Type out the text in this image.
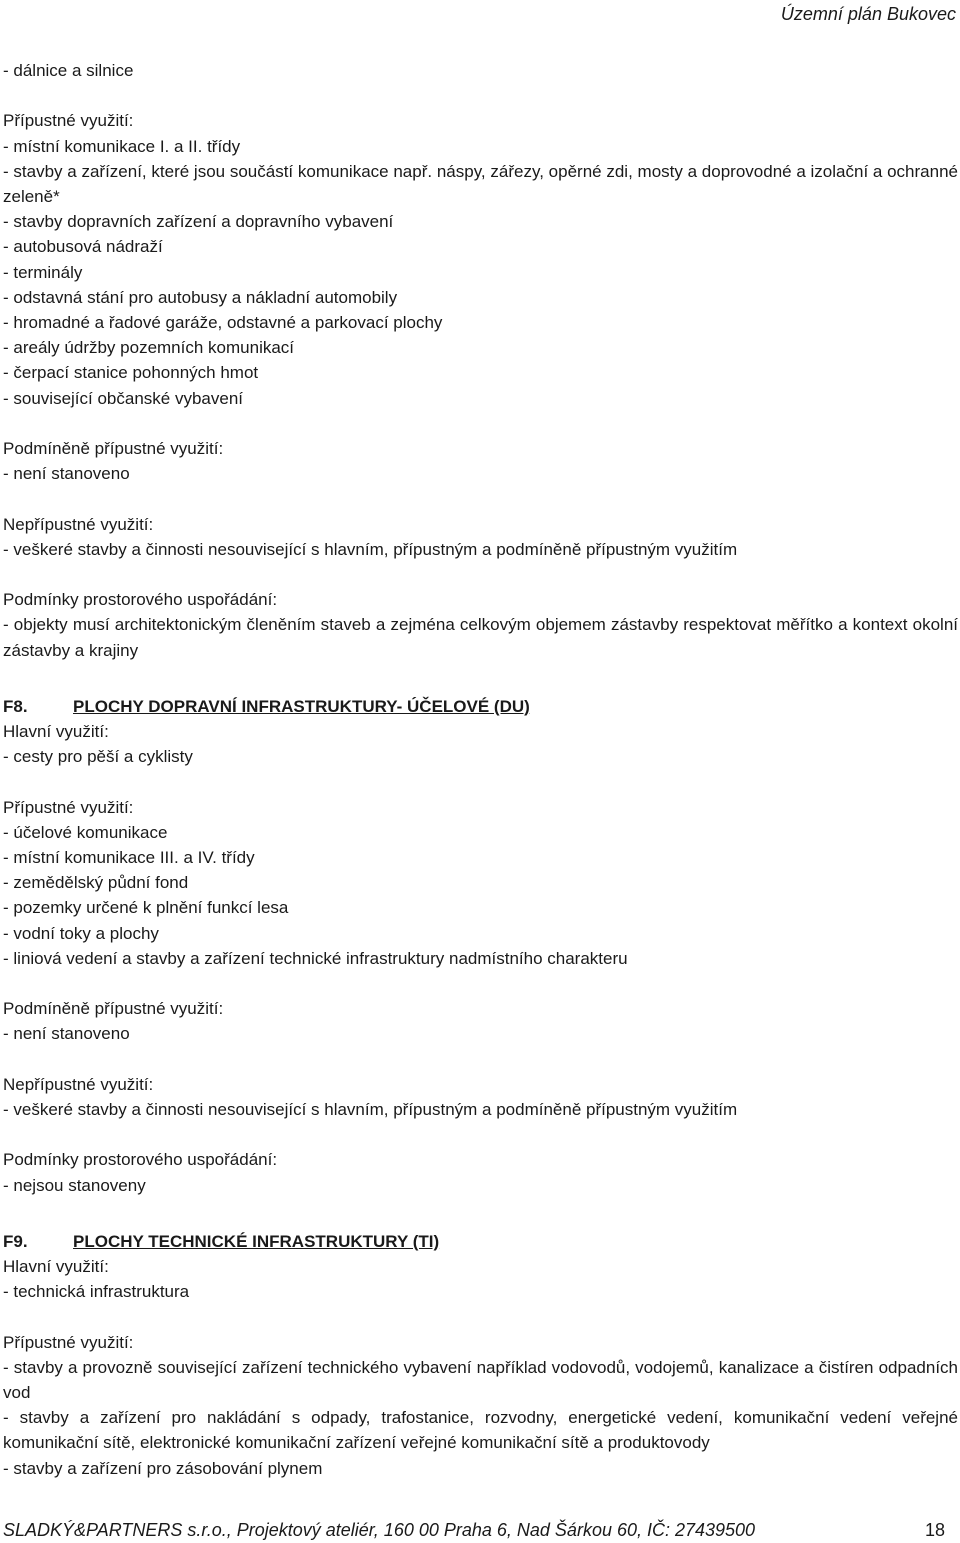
Územní plán Bukovec
- dálnice a silnice
Přípustné využití:
- místní komunikace I. a II. třídy
- stavby a zařízení, které jsou součástí komunikace např. náspy, zářezy, opěrné zdi, mosty a doprovodné a izolační a ochranné zeleně*
- stavby dopravních zařízení a dopravního vybavení
- autobusová nádraží
- terminály
- odstavná stání pro autobusy a nákladní automobily
- hromadné a řadové garáže, odstavné a parkovací plochy
- areály údržby pozemních komunikací
- čerpací stanice pohonných hmot
- související občanské vybavení
Podmíněně přípustné využití:
- není stanoveno
Nepřípustné využití:
- veškeré stavby a činnosti nesouvisející s hlavním, přípustným a podmíněně přípustným využitím
Podmínky prostorového uspořádání:
- objekty musí architektonickým členěním staveb a zejména celkovým objemem zástavby respektovat měřítko a kontext okolní zástavby a krajiny
F8.	PLOCHY DOPRAVNÍ INFRASTRUKTURY- ÚČELOVÉ (DU)
Hlavní využití:
- cesty pro pěší a cyklisty
Přípustné využití:
- účelové komunikace
- místní komunikace III. a IV. třídy
- zemědělský půdní fond
- pozemky určené k plnění funkcí lesa
- vodní toky a plochy
- liniová vedení a stavby a zařízení technické infrastruktury nadmístního charakteru
Podmíněně přípustné využití:
- není stanoveno
Nepřípustné využití:
- veškeré stavby a činnosti nesouvisející s hlavním, přípustným a podmíněně přípustným využitím
Podmínky prostorového uspořádání:
- nejsou stanoveny
F9.	PLOCHY TECHNICKÉ INFRASTRUKTURY (TI)
Hlavní využití:
- technická infrastruktura
Přípustné využití:
- stavby a provozně související zařízení technického vybavení například vodovodů, vodojemů, kanalizace a čistíren odpadních vod
- stavby a zařízení pro nakládání s odpady, trafostanice, rozvodny, energetické vedení, komunikační vedení veřejné komunikační sítě, elektronické komunikační zařízení veřejné komunikační sítě a produktovody
- stavby a zařízení pro zásobování plynem
SLADKÝ&PARTNERS s.r.o., Projektový ateliér, 160 00 Praha 6, Nad Šárkou 60, IČ: 27439500	18
